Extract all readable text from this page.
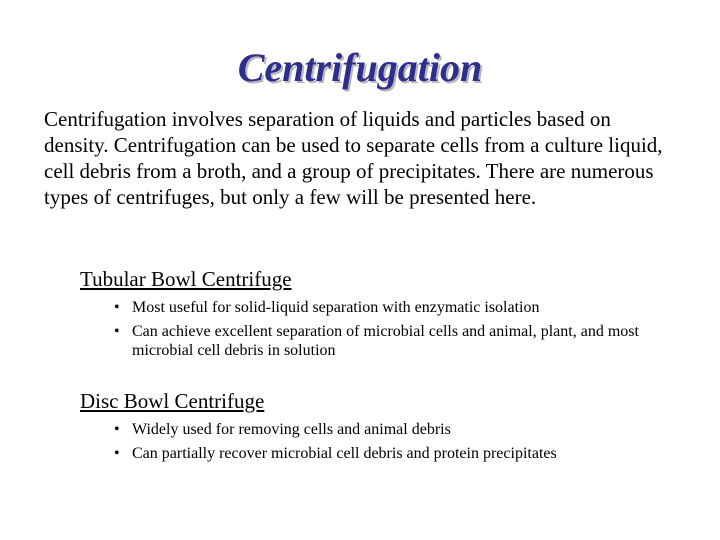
Centrifugation

Centrifugation involves separation of liquids and particles based on density. Centrifugation can be used to separate cells from a culture liquid, cell debris from a broth, and a group of precipitates. There are numerous types of centrifuges, but only a few will be presented here.

Tubular Bowl Centrifuge

• Most useful for solid-liquid separation with enzymatic isolation
• Can achieve excellent separation of microbial cells and animal, plant, and most microbial cell debris in solution

Disc Bowl Centrifuge

• Widely used for removing cells and animal debris
• Can partially recover microbial cell debris and protein precipitates
